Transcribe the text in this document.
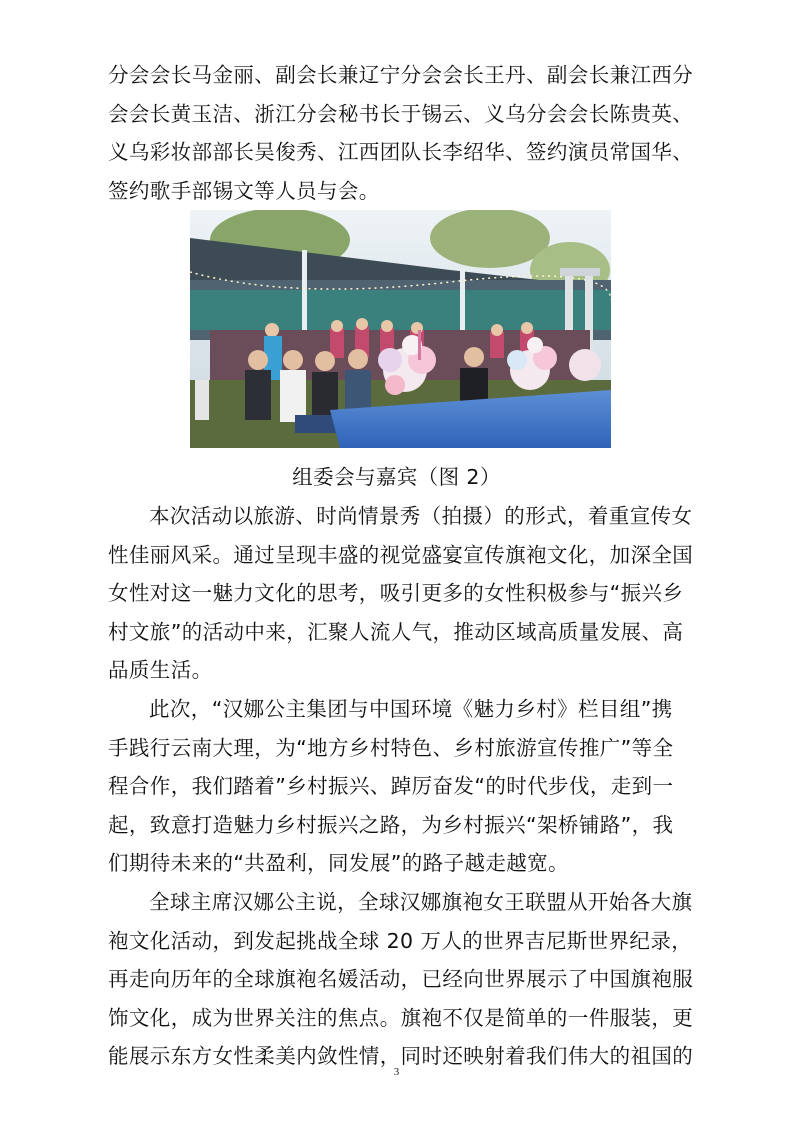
分会会长马金丽、副会长兼辽宁分会会长王丹、副会长兼江西分
会会长黄玉洁、浙江分会秘书长于锡云、义乌分会会长陈贵英、
义乌彩妆部部长吴俊秀、江西团队长李绍华、签约演员常国华、
签约歌手部锡文等人员与会。
组委会与嘉宾（图 2）
本次活动以旅游、时尚情景秀（拍摄）的形式，着重宣传女
性佳丽风采。通过呈现丰盛的视觉盛宴宣传旗袍文化，加深全国
女性对这一魅力文化的思考，吸引更多的女性积极参与“振兴乡
村文旅”的活动中来，汇聚人流人气，推动区域高质量发展、高
品质生活。
此次，“汉娜公主集团与中国环境《魅力乡村》栏目组”携
手践行云南大理，为“地方乡村特色、乡村旅游宣传推广”等全
程合作，我们踏着”乡村振兴、踔厉奋发“的时代步伐，走到一
起，致意打造魅力乡村振兴之路，为乡村振兴“架桥铺路”，我
们期待未来的“共盈利，同发展”的路子越走越宽。
全球主席汉娜公主说，全球汉娜旗袍女王联盟从开始各大旗
袍文化活动，到发起挑战全球 20 万人的世界吉尼斯世界纪录，
再走向历年的全球旗袍名媛活动，已经向世界展示了中国旗袍服
饰文化，成为世界关注的焦点。旗袍不仅是简单的一件服装，更
能展示东方女性柔美内敛性情，同时还映射着我们伟大的祖国的
3
